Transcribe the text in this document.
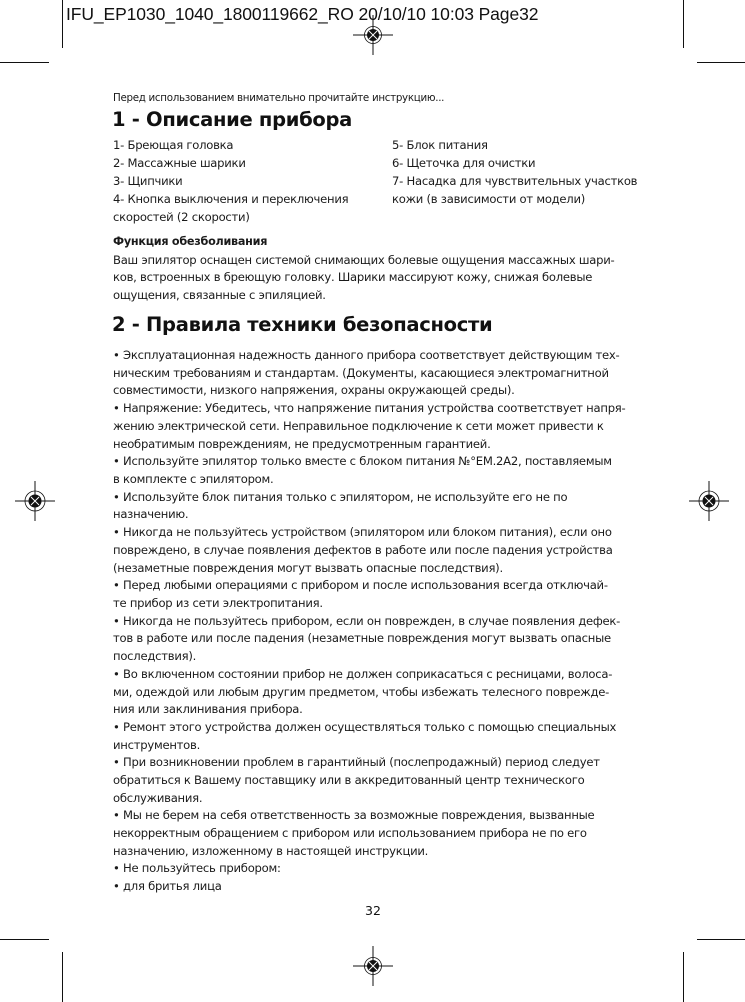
IFU_EP1030_1040_1800119662_RO 20/10/10 10:03 Page32
Перед использованием внимательно прочитайте инструкцию...
1 - Описание прибора
1- Бреющая головка
2- Массажные шарики
3- Щипчики
4- Кнопка выключения и переключения
скоростей (2 скорости)
5- Блок питания
6- Щеточка для очистки
7- Насадка для чувствительных участков
кожи (в зависимости от модели)
Функция обезболивания
Ваш эпилятор оснащен системой снимающих болевые ощущения массажных шари-
ков, встроенных в бреющую головку. Шарики массируют кожу, снижая болевые
ощущения, связанные с эпиляцией.
2 - Правила техники безопасности
• Эксплуатационная надежность данного прибора соответствует действующим тех-
ническим требованиям и стандартам. (Документы, касающиеся электромагнитной
совместимости, низкого напряжения, охраны окружающей среды).
• Напряжение: Убедитесь, что напряжение питания устройства соответствует напря-
жению электрической сети. Неправильное подключение к сети может привести к
необратимым повреждениям, не предусмотренным гарантией.
• Используйте эпилятор только вместе с блоком питания №°EM.2A2, поставляемым
в комплекте с эпилятором.
• Используйте блок питания только с эпилятором, не используйте его не по
назначению.
• Никогда не пользуйтесь устройством (эпилятором или блоком питания), если оно
повреждено, в случае появления дефектов в работе или после падения устройства
(незаметные повреждения могут вызвать опасные последствия).
• Перед любыми операциями с прибором и после использования всегда отключай-
те прибор из сети электропитания.
• Никогда не пользуйтесь прибором, если он поврежден, в случае появления дефек-
тов в работе или после падения (незаметные повреждения могут вызвать опасные
последствия).
• Во включенном состоянии прибор не должен соприкасаться с ресницами, волоса-
ми, одеждой или любым другим предметом, чтобы избежать телесного поврежде-
ния или заклинивания прибора.
• Ремонт этого устройства должен осуществляться только с помощью специальных
инструментов.
• При возникновении проблем в гарантийный (послепродажный) период следует
обратиться к Вашему поставщику или в аккредитованный центр технического
обслуживания.
• Мы не берем на себя ответственность за возможные повреждения, вызванные
некорректным обращением с прибором или использованием прибора не по его
назначению, изложенному в настоящей инструкции.
• Не пользуйтесь прибором:
• для бритья лица
32
